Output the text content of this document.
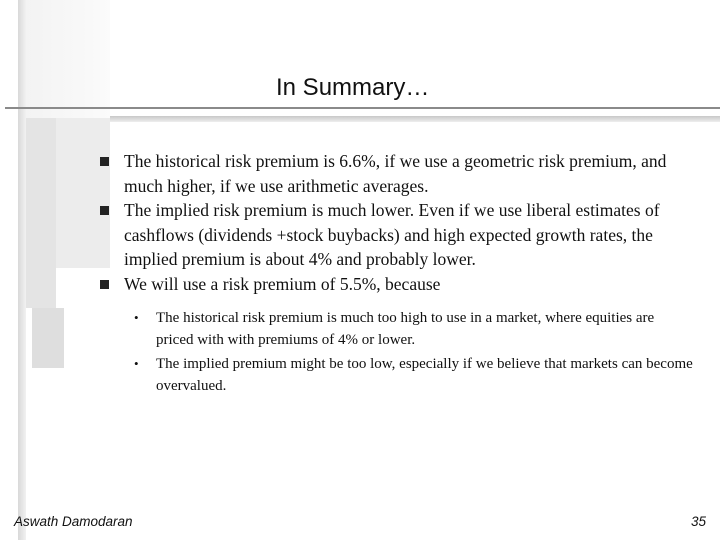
In Summary…
The historical risk premium is 6.6%, if we use a geometric risk premium, and much higher, if we use arithmetic averages.
The implied risk premium is much lower. Even if we use liberal estimates of cashflows (dividends +stock buybacks) and high expected growth rates, the implied premium is about 4% and probably lower.
We will use a risk premium of 5.5%, because
• The historical risk premium is much too high to use in a market, where equities are priced with with premiums of 4% or lower.
• The implied premium might be too low, especially if we believe that markets can become overvalued.
Aswath Damodaran	35
